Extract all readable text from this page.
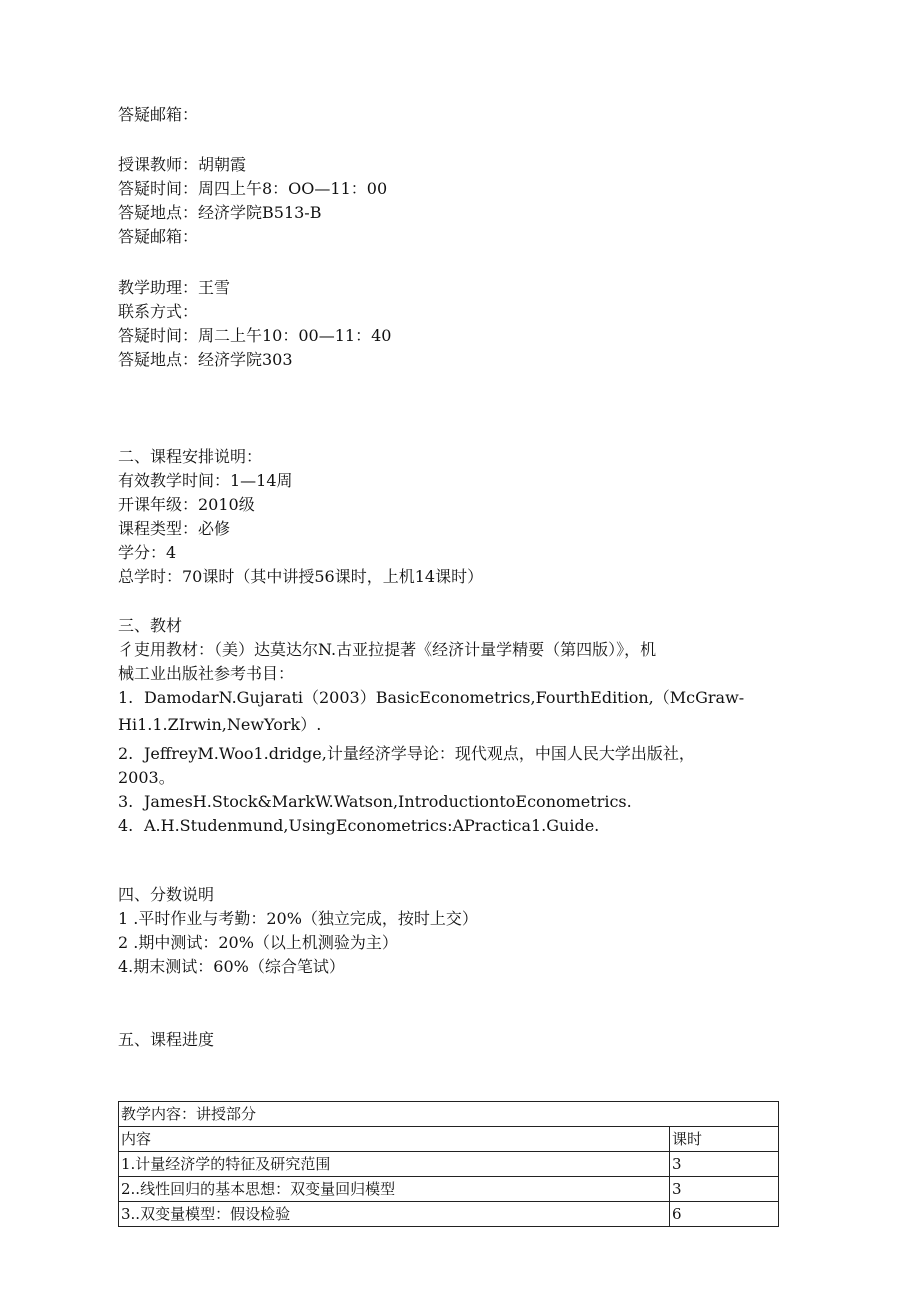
答疑邮箱：

授课教师：胡朝霞

答疑时间：周四上午8：OO—11：00

答疑地点：经济学院B513-B

答疑邮箱：

教学助理：王雪

联系方式：

答疑时间：周二上午10：00—11：40

答疑地点：经济学院303

二、课程安排说明：

有效教学时间：1—14周

开课年级：2010级

课程类型：必修

学分：4

总学时：70课时（其中讲授56课时，上机14课时）

三、教材

彳吏用教材：（美）达莫达尔N.古亚拉提著《经济计量学精要（第四版）》，机

械工业出版社参考书目：

1. DamodarN.Gujarati（2003）BasicEconometrics,FourthEdition,（McGraw-

Hi1.1.ZIrwin,NewYork）.

2. JeffreyM.Woo1.dridge,计量经济学导论：现代观点，中国人民大学出版社，

2003。

3. JamesH.Stock&MarkW.Watson,IntroductiontoEconometrics.
4. A.H.Studenmund,UsingEconometrics:APractica1.Guide.

四、分数说明

1 .平时作业与考勤：20%（独立完成，按时上交）

2 .期中测试：20%（以上机测验为主）

4.期末测试：60%（综合笔试）

五、课程进度

教学内容：讲授部分	
内容	课时
1.计量经济学的特征及研究范围	3
2..线性回归的基本思想：双变量回归模型	3
3..双变量模型：假设检验	6
